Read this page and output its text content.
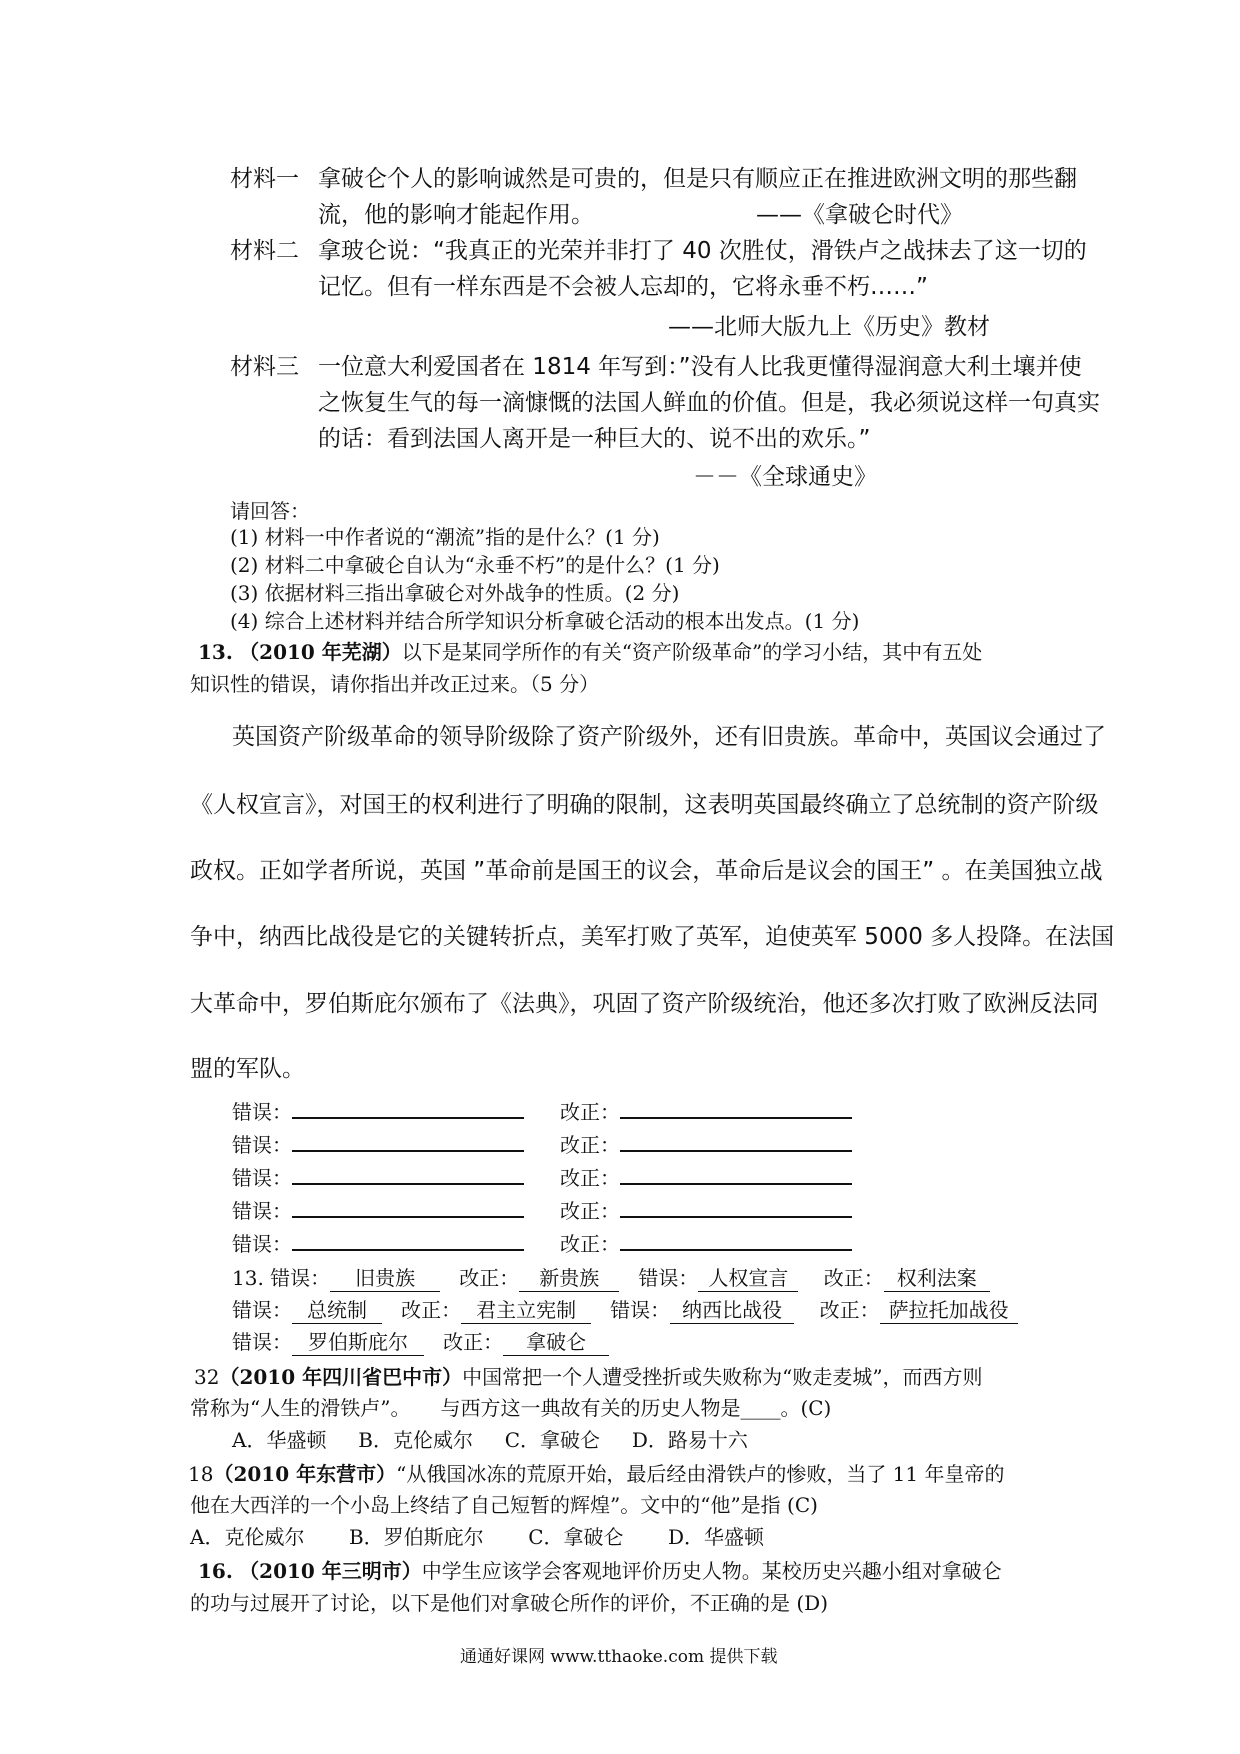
材料一 拿破仑个人的影响诚然是可贵的，但是只有顺应正在推进欧洲文明的那些翻
流，他的影响才能起作用。	——《拿破仑时代》
材料二 拿玻仑说：“我真正的光荣并非打了 40 次胜仗，滑铁卢之战抹去了这一切的
记忆。但有一样东西是不会被人忘却的，它将永垂不朽……”
——北师大版九上《历史》教材
材料三 一位意大利爱国者在 1814 年写到：”没有人比我更懂得湿润意大利土壤并使
之恢复生气的每一滴慷慨的法国人鲜血的价值。但是，我必须说这样一句真实
的话：看到法国人离开是一种巨大的、说不出的欢乐。”
－－《全球通史》
请回答：
(1) 材料一中作者说的“潮流”指的是什么？(1 分)
(2) 材料二中拿破仑自认为“永垂不朽”的是什么？(1 分)
(3) 依据材料三指出拿破仑对外战争的性质。(2 分)
(4) 综合上述材料并结合所学知识分析拿破仑活动的根本出发点。(1 分)
13. （2010 年芜湖）以下是某同学所作的有关“资产阶级革命”的学习小结，其中有五处
知识性的错误，请你指出并改正过来。（5 分）
英国资产阶级革命的领导阶级除了资产阶级外，还有旧贵族。革命中，英国议会通过了
《人权宣言》，对国王的权利进行了明确的限制，这表明英国最终确立了总统制的资产阶级
政权。正如学者所说，英国 ”革命前是国王的议会，革命后是议会的国王” 。在美国独立战
争中，纳西比战役是它的关键转折点，美军打败了英军，迫使英军 5000 多人投降。在法国
大革命中，罗伯斯庇尔颁布了《法典》，巩固了资产阶级统治，他还多次打败了欧洲反法同
盟的军队。
错误：	改正：
错误：	改正：
错误：	改正：
错误：	改正：
错误：	改正：
13. 错误： 旧贵族 改正： 新贵族 错误： 人权宣言 改正： 权利法案
错误： 总统制 改正： 君主立宪制 错误： 纳西比战役 改正： 萨拉托加战役
错误： 罗伯斯庇尔 改正： 拿破仑
32（2010 年四川省巴中市）中国常把一个人遭受挫折或失败称为“败走麦城”，而西方则
常称为“人生的滑铁卢”。　　与西方这一典故有关的历史人物是____。(C)
A．华盛顿 B．克伦威尔 C．拿破仑 D．路易十六
18（2010 年东营市）“从俄国冰冻的荒原开始，最后经由滑铁卢的惨败，当了 11 年皇帝的
他在大西洋的一个小岛上终结了自己短暂的辉煌”。文中的“他”是指 (C)
A．克伦威尔 B．罗伯斯庇尔 C．拿破仑 D．华盛顿
16. （2010 年三明市）中学生应该学会客观地评价历史人物。某校历史兴趣小组对拿破仑
的功与过展开了讨论，以下是他们对拿破仑所作的评价，不正确的是 (D)
通通好课网 www.tthaoke.com 提供下载
